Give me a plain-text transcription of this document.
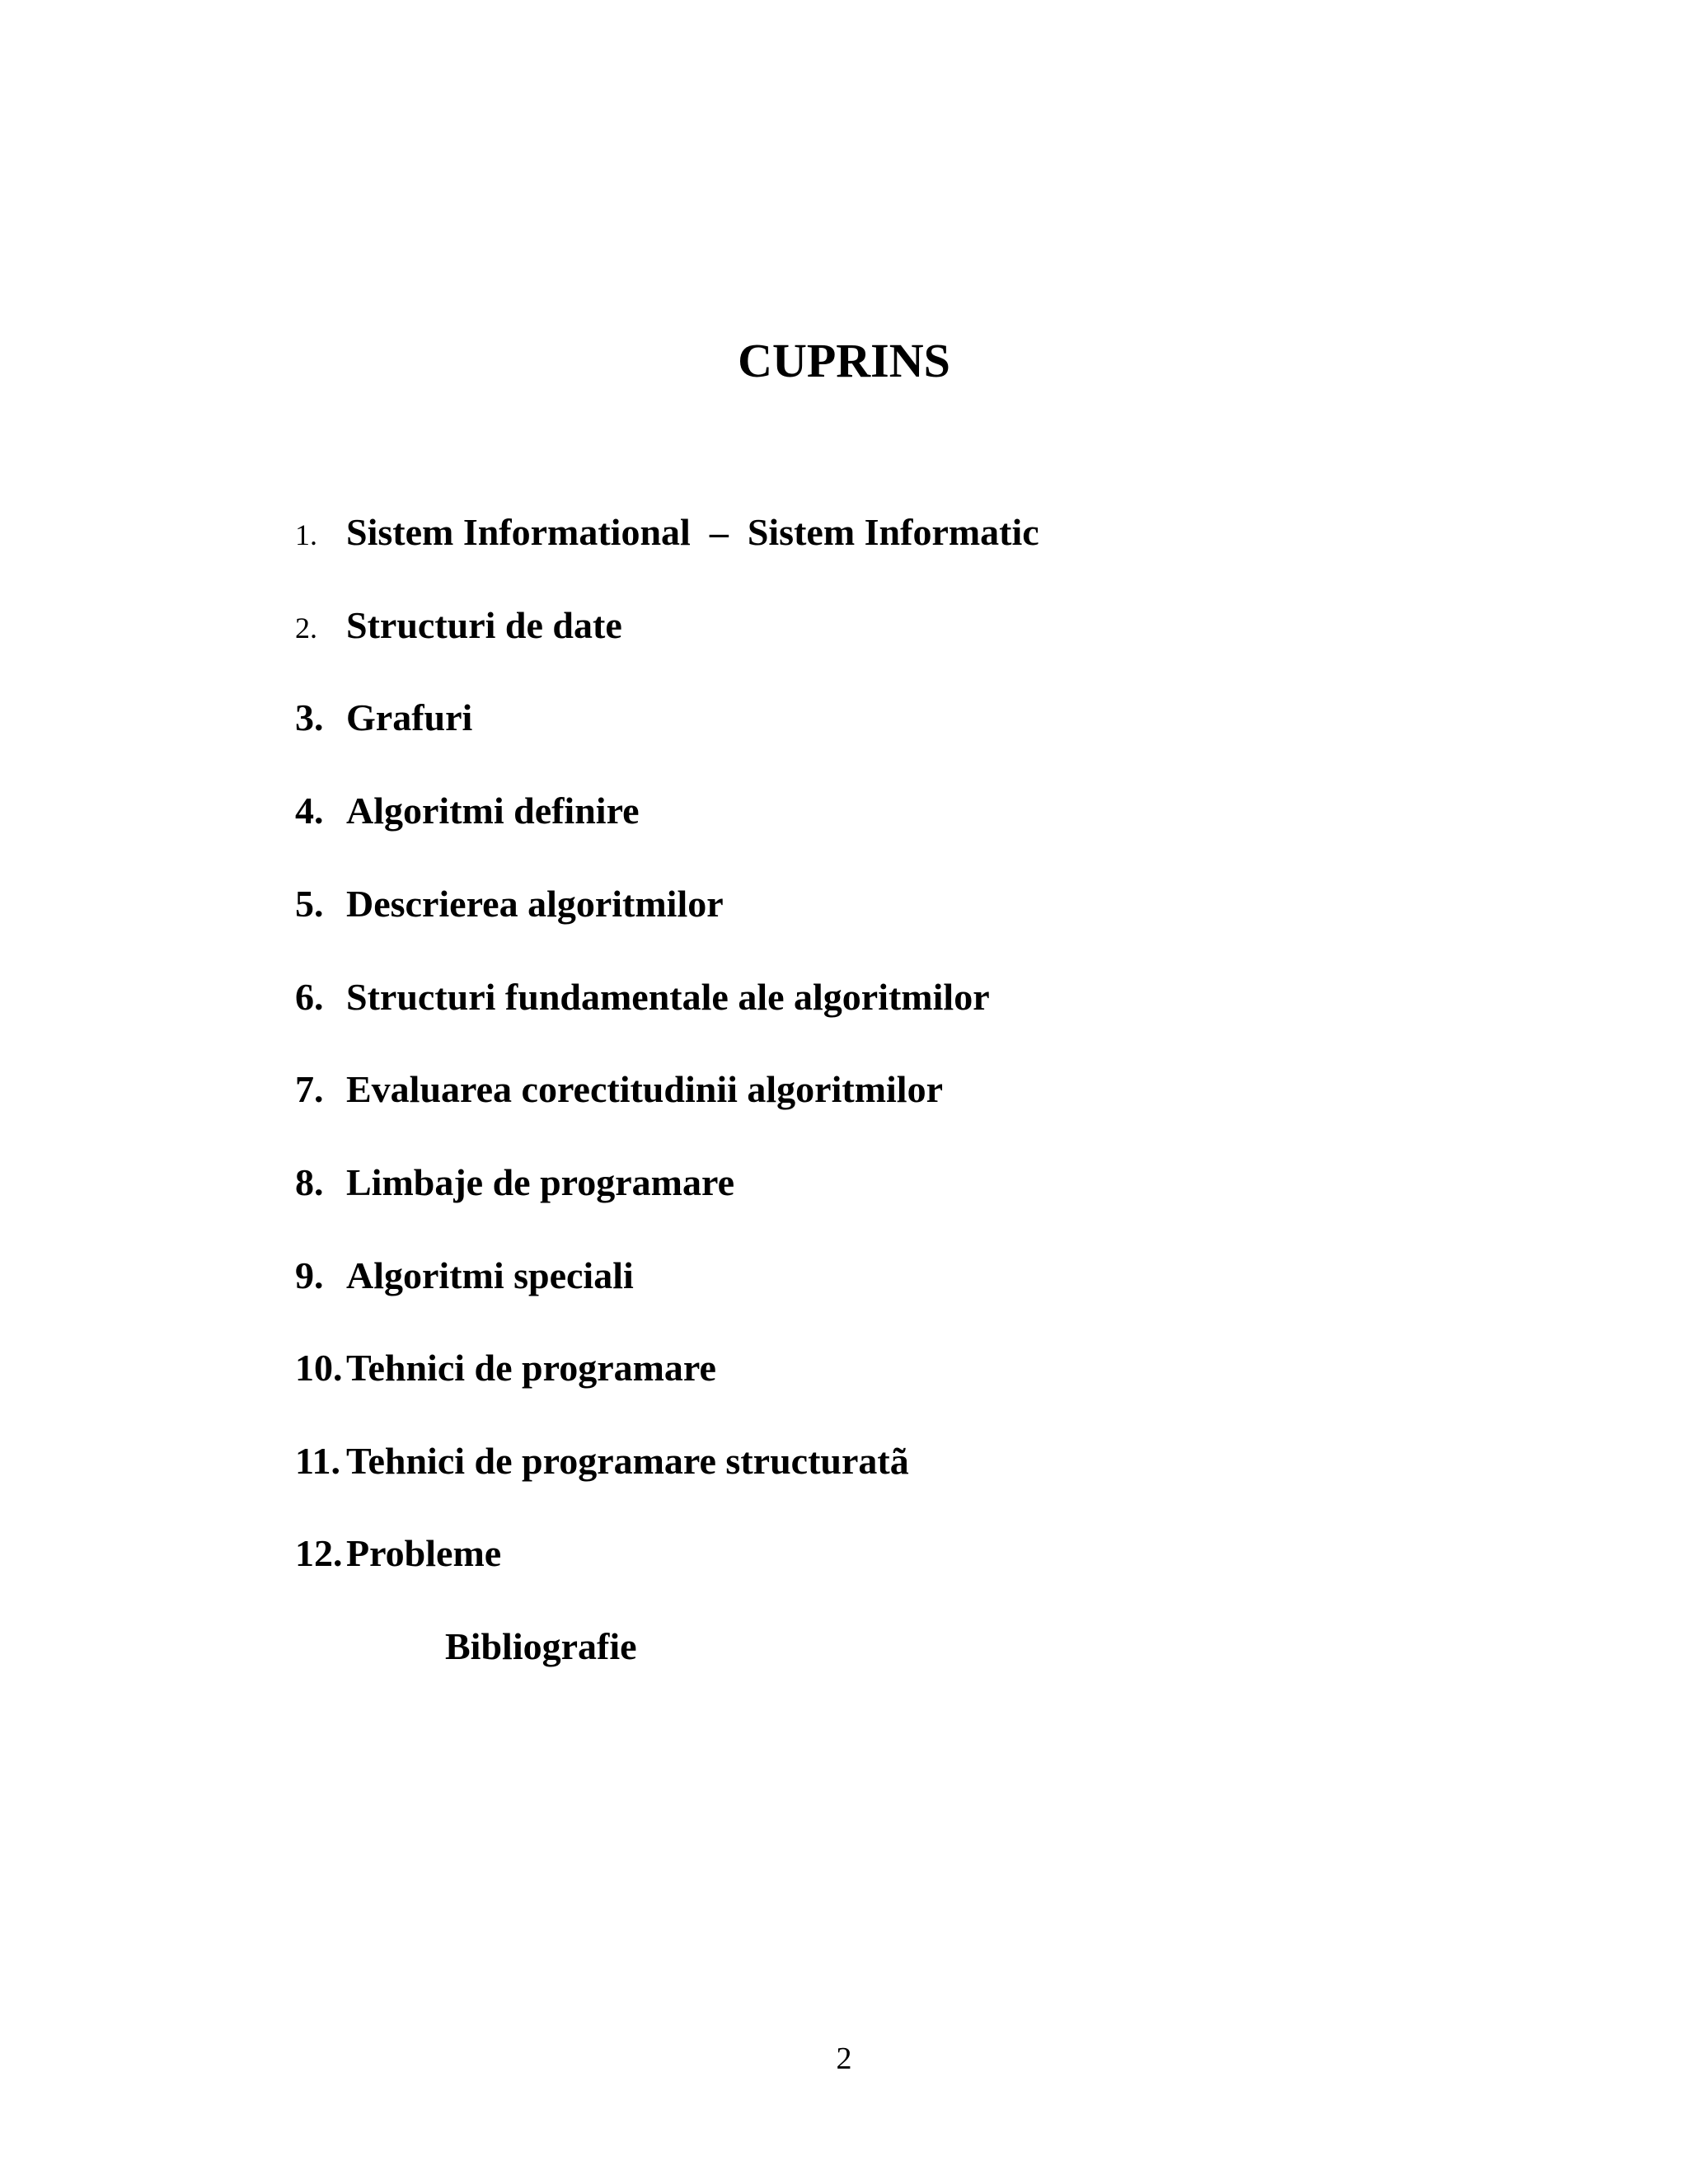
CUPRINS
1. Sistem Informational  –  Sistem Informatic
2. Structuri de date
3. Grafuri
4. Algoritmi definire
5. Descrierea algoritmilor
6. Structuri fundamentale ale algoritmilor
7. Evaluarea corectitudinii algoritmilor
8. Limbaje de programare
9. Algoritmi speciali
10.Tehnici de programare
11. Tehnici de programare structuratã
12.Probleme
Bibliografie
2
